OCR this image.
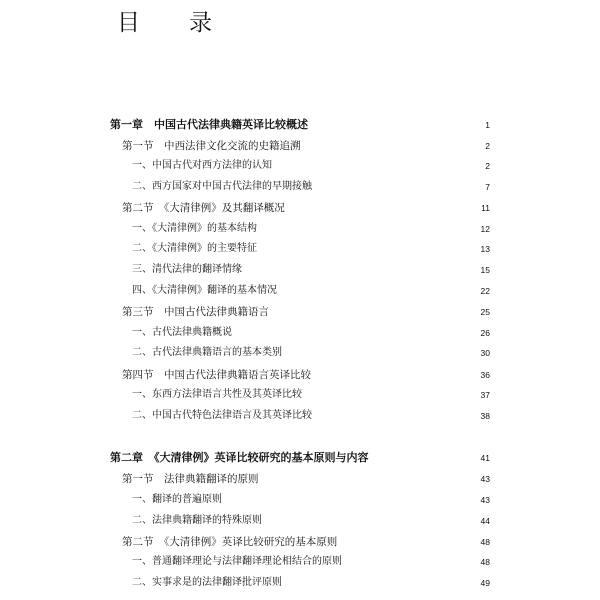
目　录
第一章　中国古代法律典籍英译比较概述	1
第一节　中西法律文化交流的史籍追溯	2
一、中国古代对西方法律的认知	2
二、西方国家对中国古代法律的早期接触	7
第二节　《大清律例》及其翻译概况	11
一、《大清律例》的基本结构	12
二、《大清律例》的主要特征	13
三、清代法律的翻译情缘	15
四、《大清律例》翻译的基本情况	22
第三节　中国古代法律典籍语言	25
一、古代法律典籍概说	26
二、古代法律典籍语言的基本类别	30
第四节　中国古代法律典籍语言英译比较	36
一、东西方法律语言共性及其英译比较	37
二、中国古代特色法律语言及其英译比较	38
第二章　《大清律例》英译比较研究的基本原则与内容	41
第一节　法律典籍翻译的原则	43
一、翻译的普遍原则	43
二、法律典籍翻译的特殊原则	44
第二节　《大清律例》英译比较研究的基本原则	48
一、普通翻译理论与法律翻译理论相结合的原则	48
二、实事求是的法律翻译批评原则	49
